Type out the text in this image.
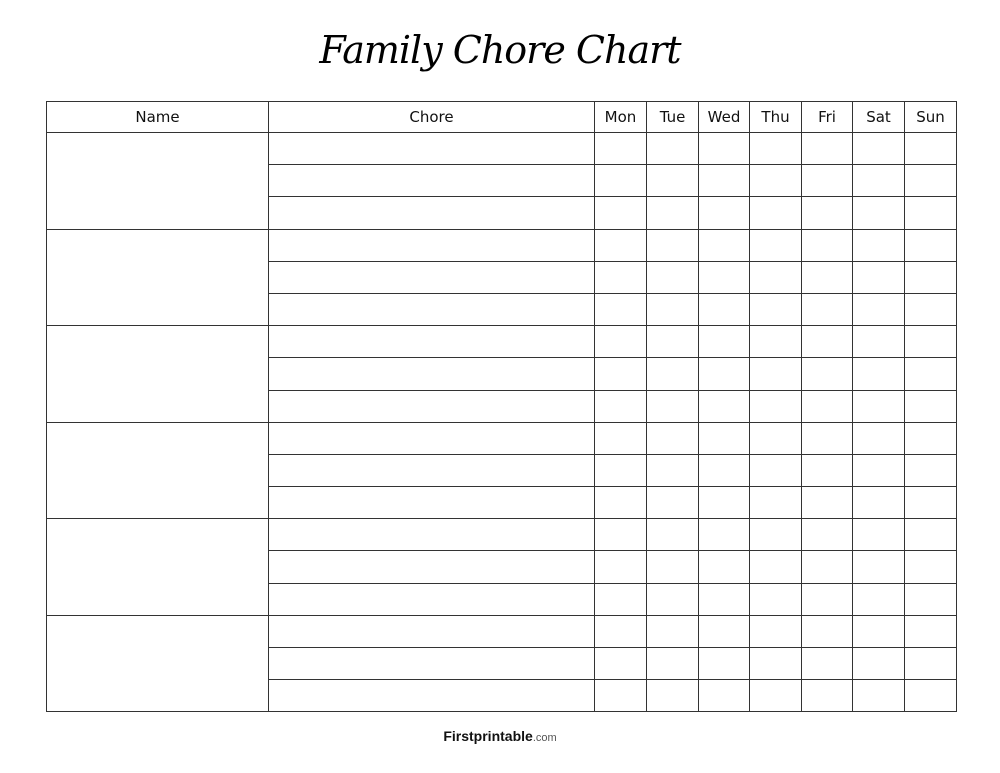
Family Chore Chart
Name	Chore	Mon	Tue	Wed	Thu	Fri	Sat	Sun

Firstprintable.com
